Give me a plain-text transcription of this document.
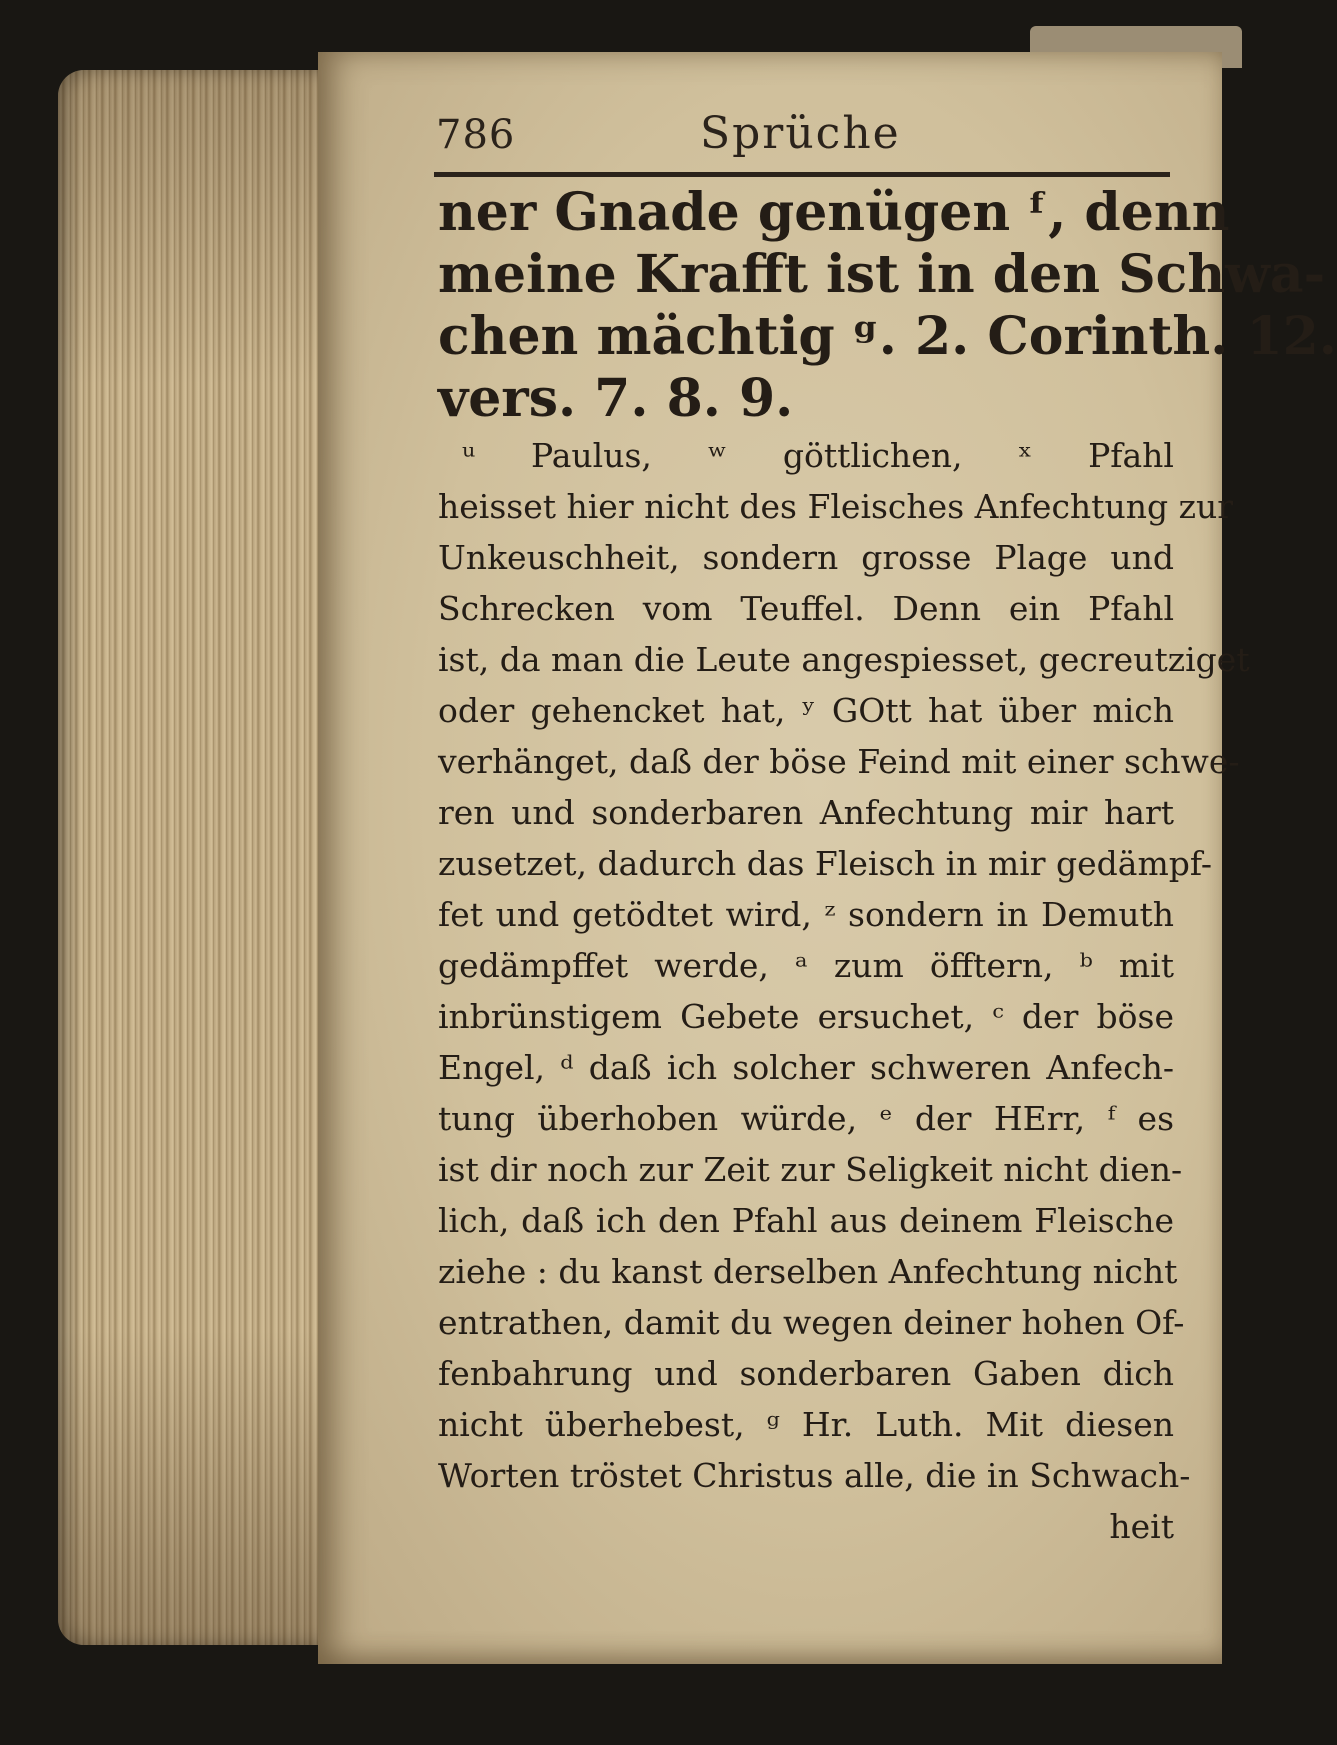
786	Sprüche
ner Gnade genügen ᶠ, denn
meine Krafft ist in den Schwa-
chen mächtig ᵍ. 2. Corinth. 12.
vers. 7. 8. 9.
ᵘ Paulus, ʷ göttlichen, ˣ Pfahl
heisset hier nicht des Fleisches Anfechtung zur
Unkeuschheit, sondern grosse Plage und
Schrecken vom Teuffel. Denn ein Pfahl
ist, da man die Leute angespiesset, gecreutziget
oder gehencket hat, ʸ GOtt hat über mich
verhänget, daß der böse Feind mit einer schwe-
ren und sonderbaren Anfechtung mir hart
zusetzet, dadurch das Fleisch in mir gedämpf-
fet und getödtet wird, ᶻ sondern in Demuth
gedämpffet werde, ᵃ zum öfftern, ᵇ mit
inbrünstigem Gebete ersuchet, ᶜ der böse
Engel, ᵈ daß ich solcher schweren Anfech-
tung überhoben würde, ᵉ der HErr, ᶠ es
ist dir noch zur Zeit zur Seligkeit nicht dien-
lich, daß ich den Pfahl aus deinem Fleische
ziehe : du kanst derselben Anfechtung nicht
entrathen, damit du wegen deiner hohen Of-
fenbahrung und sonderbaren Gaben dich
nicht überhebest, ᵍ Hr. Luth. Mit diesen
Worten tröstet Christus alle, die in Schwach-
heit
